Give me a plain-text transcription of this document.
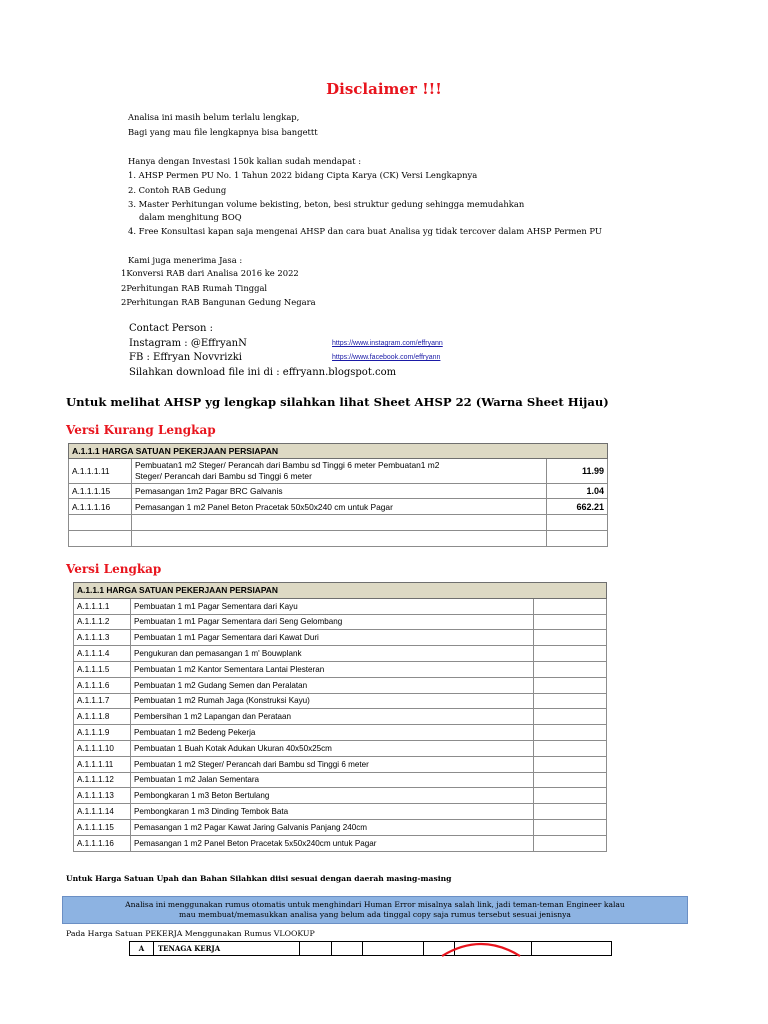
Disclaimer !!!
Analisa ini masih belum terlalu lengkap,
Bagi yang mau file lengkapnya bisa bangettt
Hanya dengan Investasi 150k kalian sudah mendapat :
1. AHSP Permen PU No. 1 Tahun 2022 bidang Cipta Karya (CK) Versi Lengkapnya
2. Contoh RAB Gedung
3. Master Perhitungan volume bekisting, beton, besi struktur gedung sehingga memudahkan
dalam menghitung BOQ
4. Free Konsultasi kapan saja mengenai AHSP dan cara buat Analisa yg tidak tercover dalam AHSP Permen PU
Kami juga menerima Jasa :
1Konversi RAB dari Analisa 2016 ke 2022
2Perhitungan RAB Rumah Tinggal
2Perhitungan RAB Bangunan Gedung Negara
Contact Person :
Instagram : @EffryanN	https://www.instagram.com/effryann
FB : Effryan Novvrizki	https://www.facebook.com/effryann
Silahkan download file ini di : effryann.blogspot.com
Untuk melihat AHSP yg lengkap silahkan lihat Sheet AHSP 22 (Warna Sheet Hijau)
Versi Kurang Lengkap
A.1.1.1 HARGA SATUAN PEKERJAAN PERSIAPAN		
A.1.1.1.11	Pembuatan1 m2 Steger/ Perancah dari Bambu sd Tinggi 6 meter Pembuatan1 m2
Steger/ Perancah dari Bambu sd Tinggi 6 meter	11.99
A.1.1.1.15	Pemasangan 1m2 Pagar BRC Galvanis	1.04
A.1.1.1.16	Pemasangan 1 m2 Panel Beton Pracetak 50x50x240 cm untuk Pagar	662.21

Versi Lengkap
A.1.1.1 HARGA SATUAN PEKERJAAN PERSIAPAN		
A.1.1.1.1	Pembuatan 1 m1 Pagar Sementara dari Kayu	
A.1.1.1.2	Pembuatan 1 m1 Pagar Sementara dari Seng Gelombang	
A.1.1.1.3	Pembuatan 1 m1 Pagar Sementara dari Kawat Duri	
A.1.1.1.4	Pengukuran dan pemasangan 1 m' Bouwplank	
A.1.1.1.5	Pembuatan 1 m2 Kantor Sementara Lantai Plesteran	
A.1.1.1.6	Pembuatan 1 m2 Gudang Semen dan Peralatan	
A.1.1.1.7	Pembuatan 1 m2 Rumah Jaga (Konstruksi Kayu)	
A.1.1.1.8	Pembersihan 1 m2 Lapangan dan Perataan	
A.1.1.1.9	Pembuatan 1 m2 Bedeng Pekerja	
A.1.1.1.10	Pembuatan 1 Buah Kotak Adukan Ukuran 40x50x25cm	
A.1.1.1.11	Pembuatan 1 m2 Steger/ Perancah dari Bambu sd Tinggi 6 meter	
A.1.1.1.12	Pembuatan 1 m2 Jalan Sementara	
A.1.1.1.13	Pembongkaran 1 m3 Beton Bertulang	
A.1.1.1.14	Pembongkaran 1 m3 Dinding Tembok Bata	
A.1.1.1.15	Pemasangan 1 m2 Pagar Kawat Jaring Galvanis Panjang 240cm	
A.1.1.1.16	Pemasangan 1 m2 Panel Beton Pracetak 5x50x240cm untuk Pagar	
Untuk Harga Satuan Upah dan Bahan Silahkan diisi sesuai dengan daerah masing-masing
Analisa ini menggunakan rumus otomatis untuk menghindari Human Error misalnya salah link, jadi teman-teman Engineer kalau
mau membuat/memasukkan analisa yang belum ada tinggal copy saja rumus tersebut sesuai jenisnya
Pada Harga Satuan PEKERJA Menggunakan Rumus VLOOKUP
A	TENAGA KERJA						
